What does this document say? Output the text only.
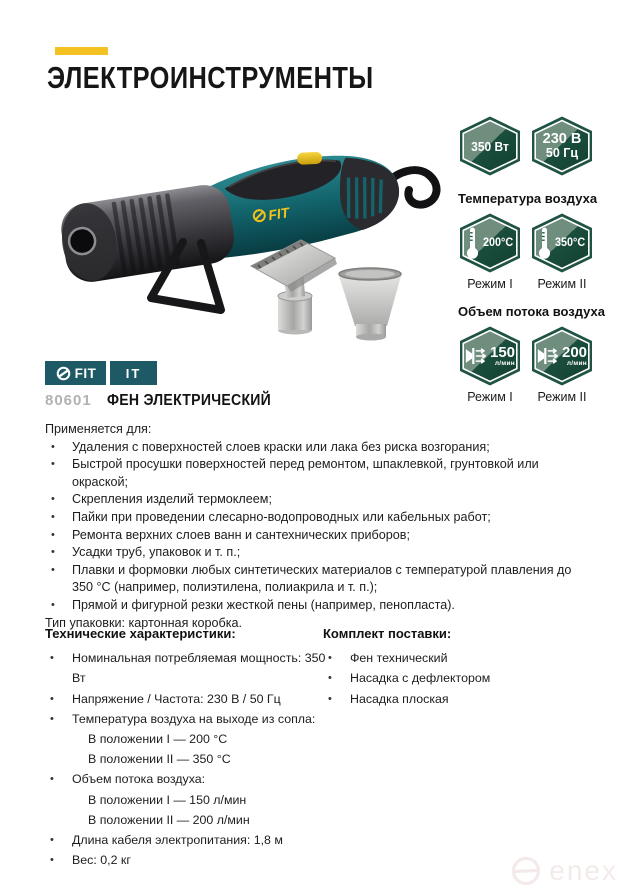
ЭЛЕКТРОИНСТРУМЕНТЫ
FIT
350 Вт	230 В
50 Гц
Температура воздуха
200°C	350°C
Режим I	Режим II
Объем потока воздуха
150
л/мин
200
л/мин
Режим I	Режим II
FIT IT
80601 ФЕН ЭЛЕКТРИЧЕСКИЙ
Применяется для:
• Удаления с поверхностей слоев краски или лака без риска возгорания;
• Быстрой просушки поверхностей перед ремонтом, шпаклевкой, грунтовкой или окраской;
• Скрепления изделий термоклеем;
• Пайки при проведении слесарно-водопроводных или кабельных работ;
• Ремонта верхних слоев ванн и сантехнических приборов;
• Усадки труб, упаковок и т. п.;
• Плавки и формовки любых синтетических материалов с температурой плавления до 350 °C (например, полиэтилена, полиакрила и т. п.);
• Прямой и фигурной резки жесткой пены (например, пенопласта).
Тип упаковки: картонная коробка.
Технические характеристики:
• Номинальная потребляемая мощность: 350 Вт
• Напряжение / Частота: 230 В / 50 Гц
• Температура воздуха на выходе из сопла:
В положении I — 200 °C
В положении II — 350 °C
• Объем потока воздуха:
В положении I — 150 л/мин
В положении II — 200 л/мин
• Длина кабеля электропитания: 1,8 м
• Вес: 0,2 кг
Комплект поставки:
• Фен технический
• Насадка с дефлектором
• Насадка плоская
enex
